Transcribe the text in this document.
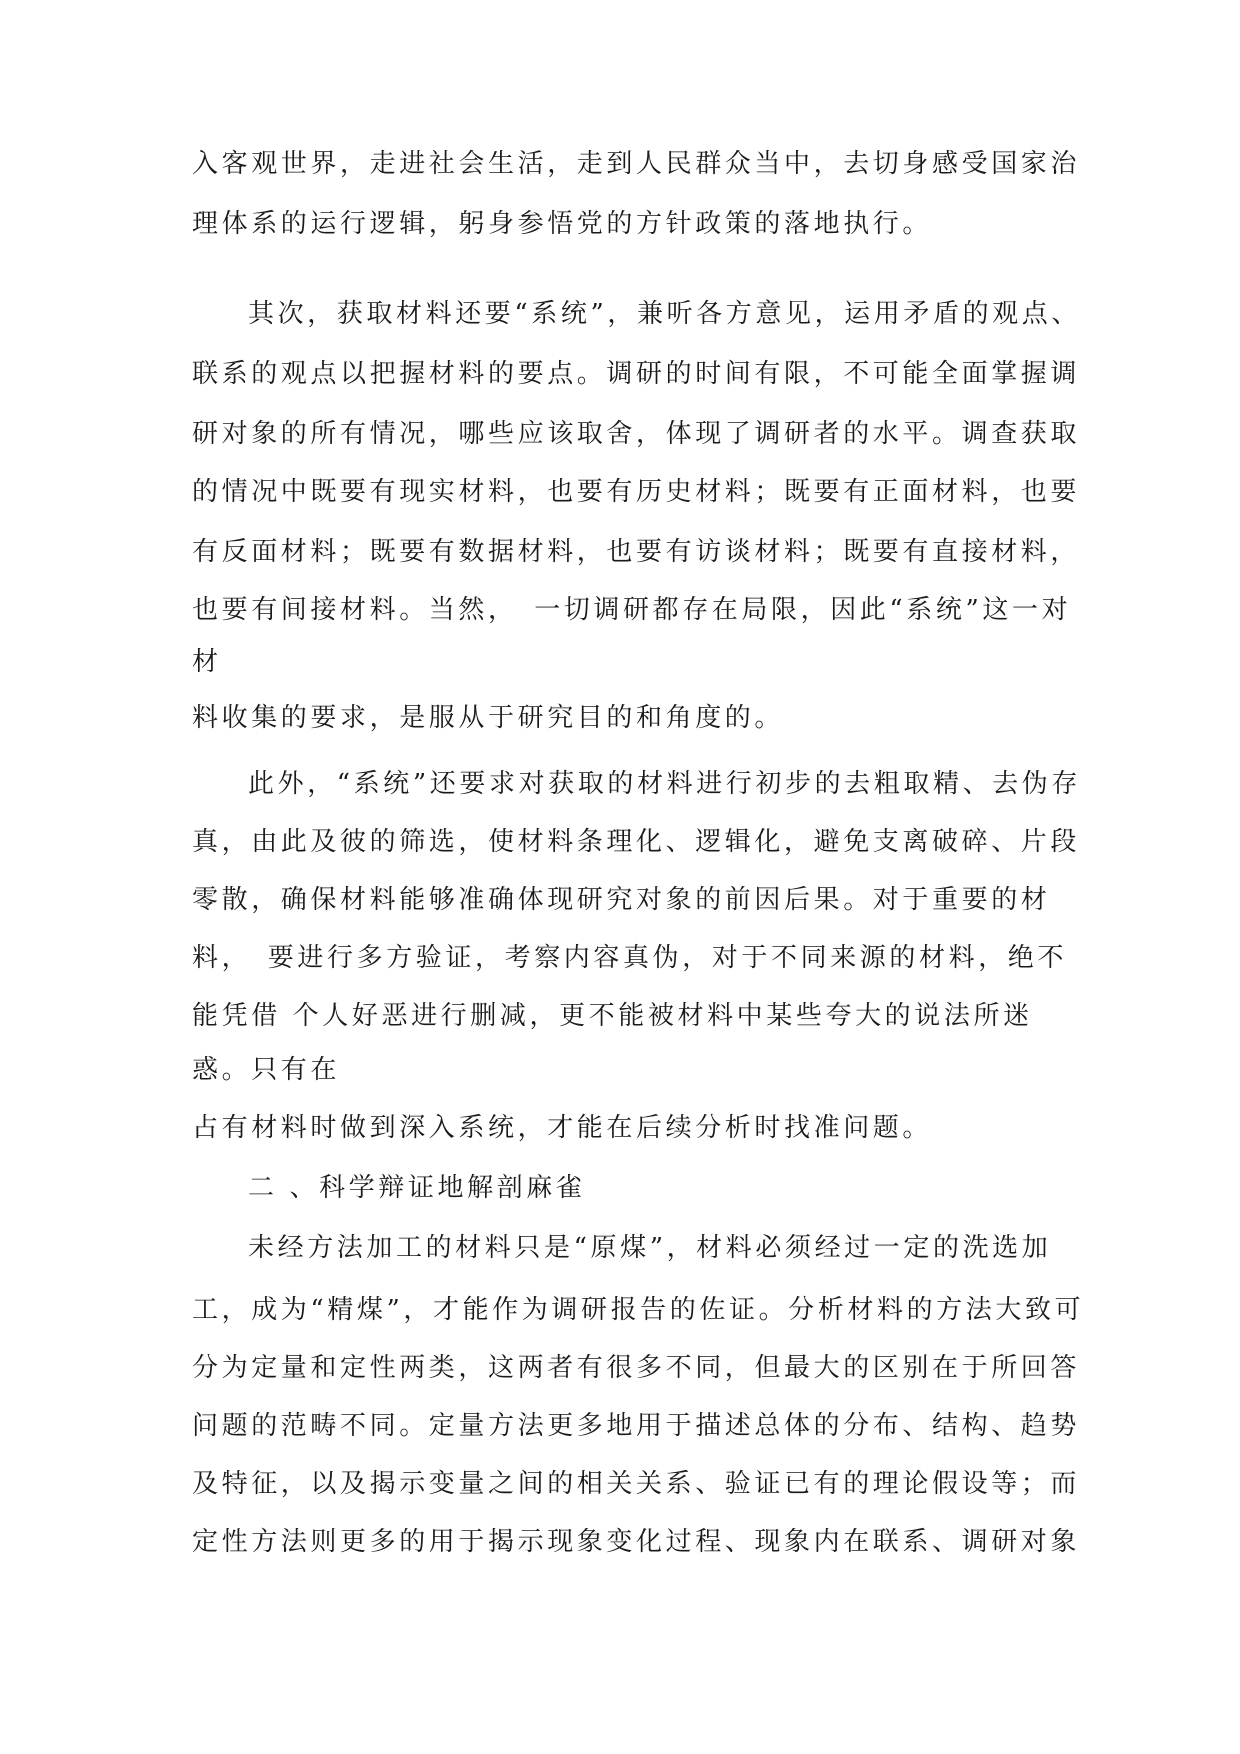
入客观世界，走进社会生活，走到人民群众当中，去切身感受国家治
理体系的运行逻辑，躬身参悟党的方针政策的落地执行。
其次，获取材料还要“系统”，兼听各方意见，运用矛盾的观点、
联系的观点以把握材料的要点。调研的时间有限，不可能全面掌握调
研对象的所有情况，哪些应该取舍，体现了调研者的水平。调查获取
的情况中既要有现实材料，也要有历史材料；既要有正面材料，也要
有反面材料；既要有数据材料，也要有访谈材料；既要有直接材料，
也要有间接材料。当然，　一切调研都存在局限，因此“系统”这一对
材
料收集的要求，是服从于研究目的和角度的。
此外，“系统”还要求对获取的材料进行初步的去粗取精、去伪存
真，由此及彼的筛选，使材料条理化、逻辑化，避免支离破碎、片段
零散，确保材料能够准确体现研究对象的前因后果。对于重要的材
料，　要进行多方验证，考察内容真伪，对于不同来源的材料，绝不
能凭借 个人好恶进行删减，更不能被材料中某些夸大的说法所迷
惑。只有在
占有材料时做到深入系统，才能在后续分析时找准问题。
二 、科学辩证地解剖麻雀
未经方法加工的材料只是“原煤”，材料必须经过一定的洗选加
工，成为“精煤”，才能作为调研报告的佐证。分析材料的方法大致可
分为定量和定性两类，这两者有很多不同，但最大的区别在于所回答
问题的范畴不同。定量方法更多地用于描述总体的分布、结构、趋势
及特征，以及揭示变量之间的相关关系、验证已有的理论假设等；而
定性方法则更多的用于揭示现象变化过程、现象内在联系、调研对象
